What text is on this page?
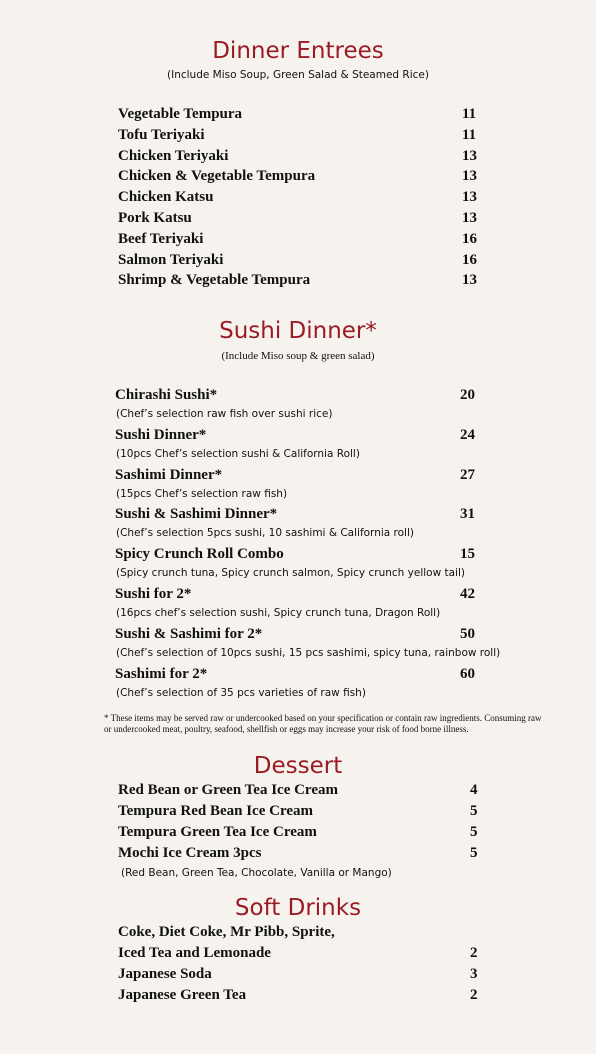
Dinner Entrees
(Include Miso Soup, Green Salad & Steamed Rice)
Vegetable Tempura	11
Tofu Teriyaki	11
Chicken Teriyaki	13
Chicken & Vegetable Tempura	13
Chicken Katsu	13
Pork Katsu	13
Beef Teriyaki	16
Salmon Teriyaki	16
Shrimp & Vegetable Tempura	13
Sushi Dinner*
(Include Miso soup & green salad)
Chirashi Sushi*	20
(Chef’s selection raw fish over sushi rice)
Sushi Dinner*	24
(10pcs Chef’s selection sushi & California Roll)
Sashimi Dinner*	27
(15pcs Chef’s selection raw fish)
Sushi & Sashimi Dinner*	31
(Chef’s selection 5pcs sushi, 10 sashimi & California roll)
Spicy Crunch Roll Combo	15
(Spicy crunch tuna, Spicy crunch salmon, Spicy crunch yellow tail)
Sushi for 2*	42
(16pcs chef’s selection sushi, Spicy crunch tuna, Dragon Roll)
Sushi & Sashimi for 2*	50
(Chef’s selection of 10pcs sushi, 15 pcs sashimi, spicy tuna, rainbow roll)
Sashimi for 2*	60
(Chef’s selection of 35 pcs varieties of raw fish)
* These items may be served raw or undercooked based on your specification or contain raw ingredients. Consuming raw or undercooked meat, poultry, seafood, shellfish or eggs may increase your risk of food borne illness.
Dessert
Red Bean or Green Tea Ice Cream	4
Tempura Red Bean Ice Cream	5
Tempura Green Tea Ice Cream	5
Mochi Ice Cream 3pcs	5
(Red Bean, Green Tea, Chocolate, Vanilla or Mango)
Soft Drinks
Coke, Diet Coke, Mr Pibb, Sprite,
Iced Tea and Lemonade	2
Japanese Soda	3
Japanese Green Tea	2
